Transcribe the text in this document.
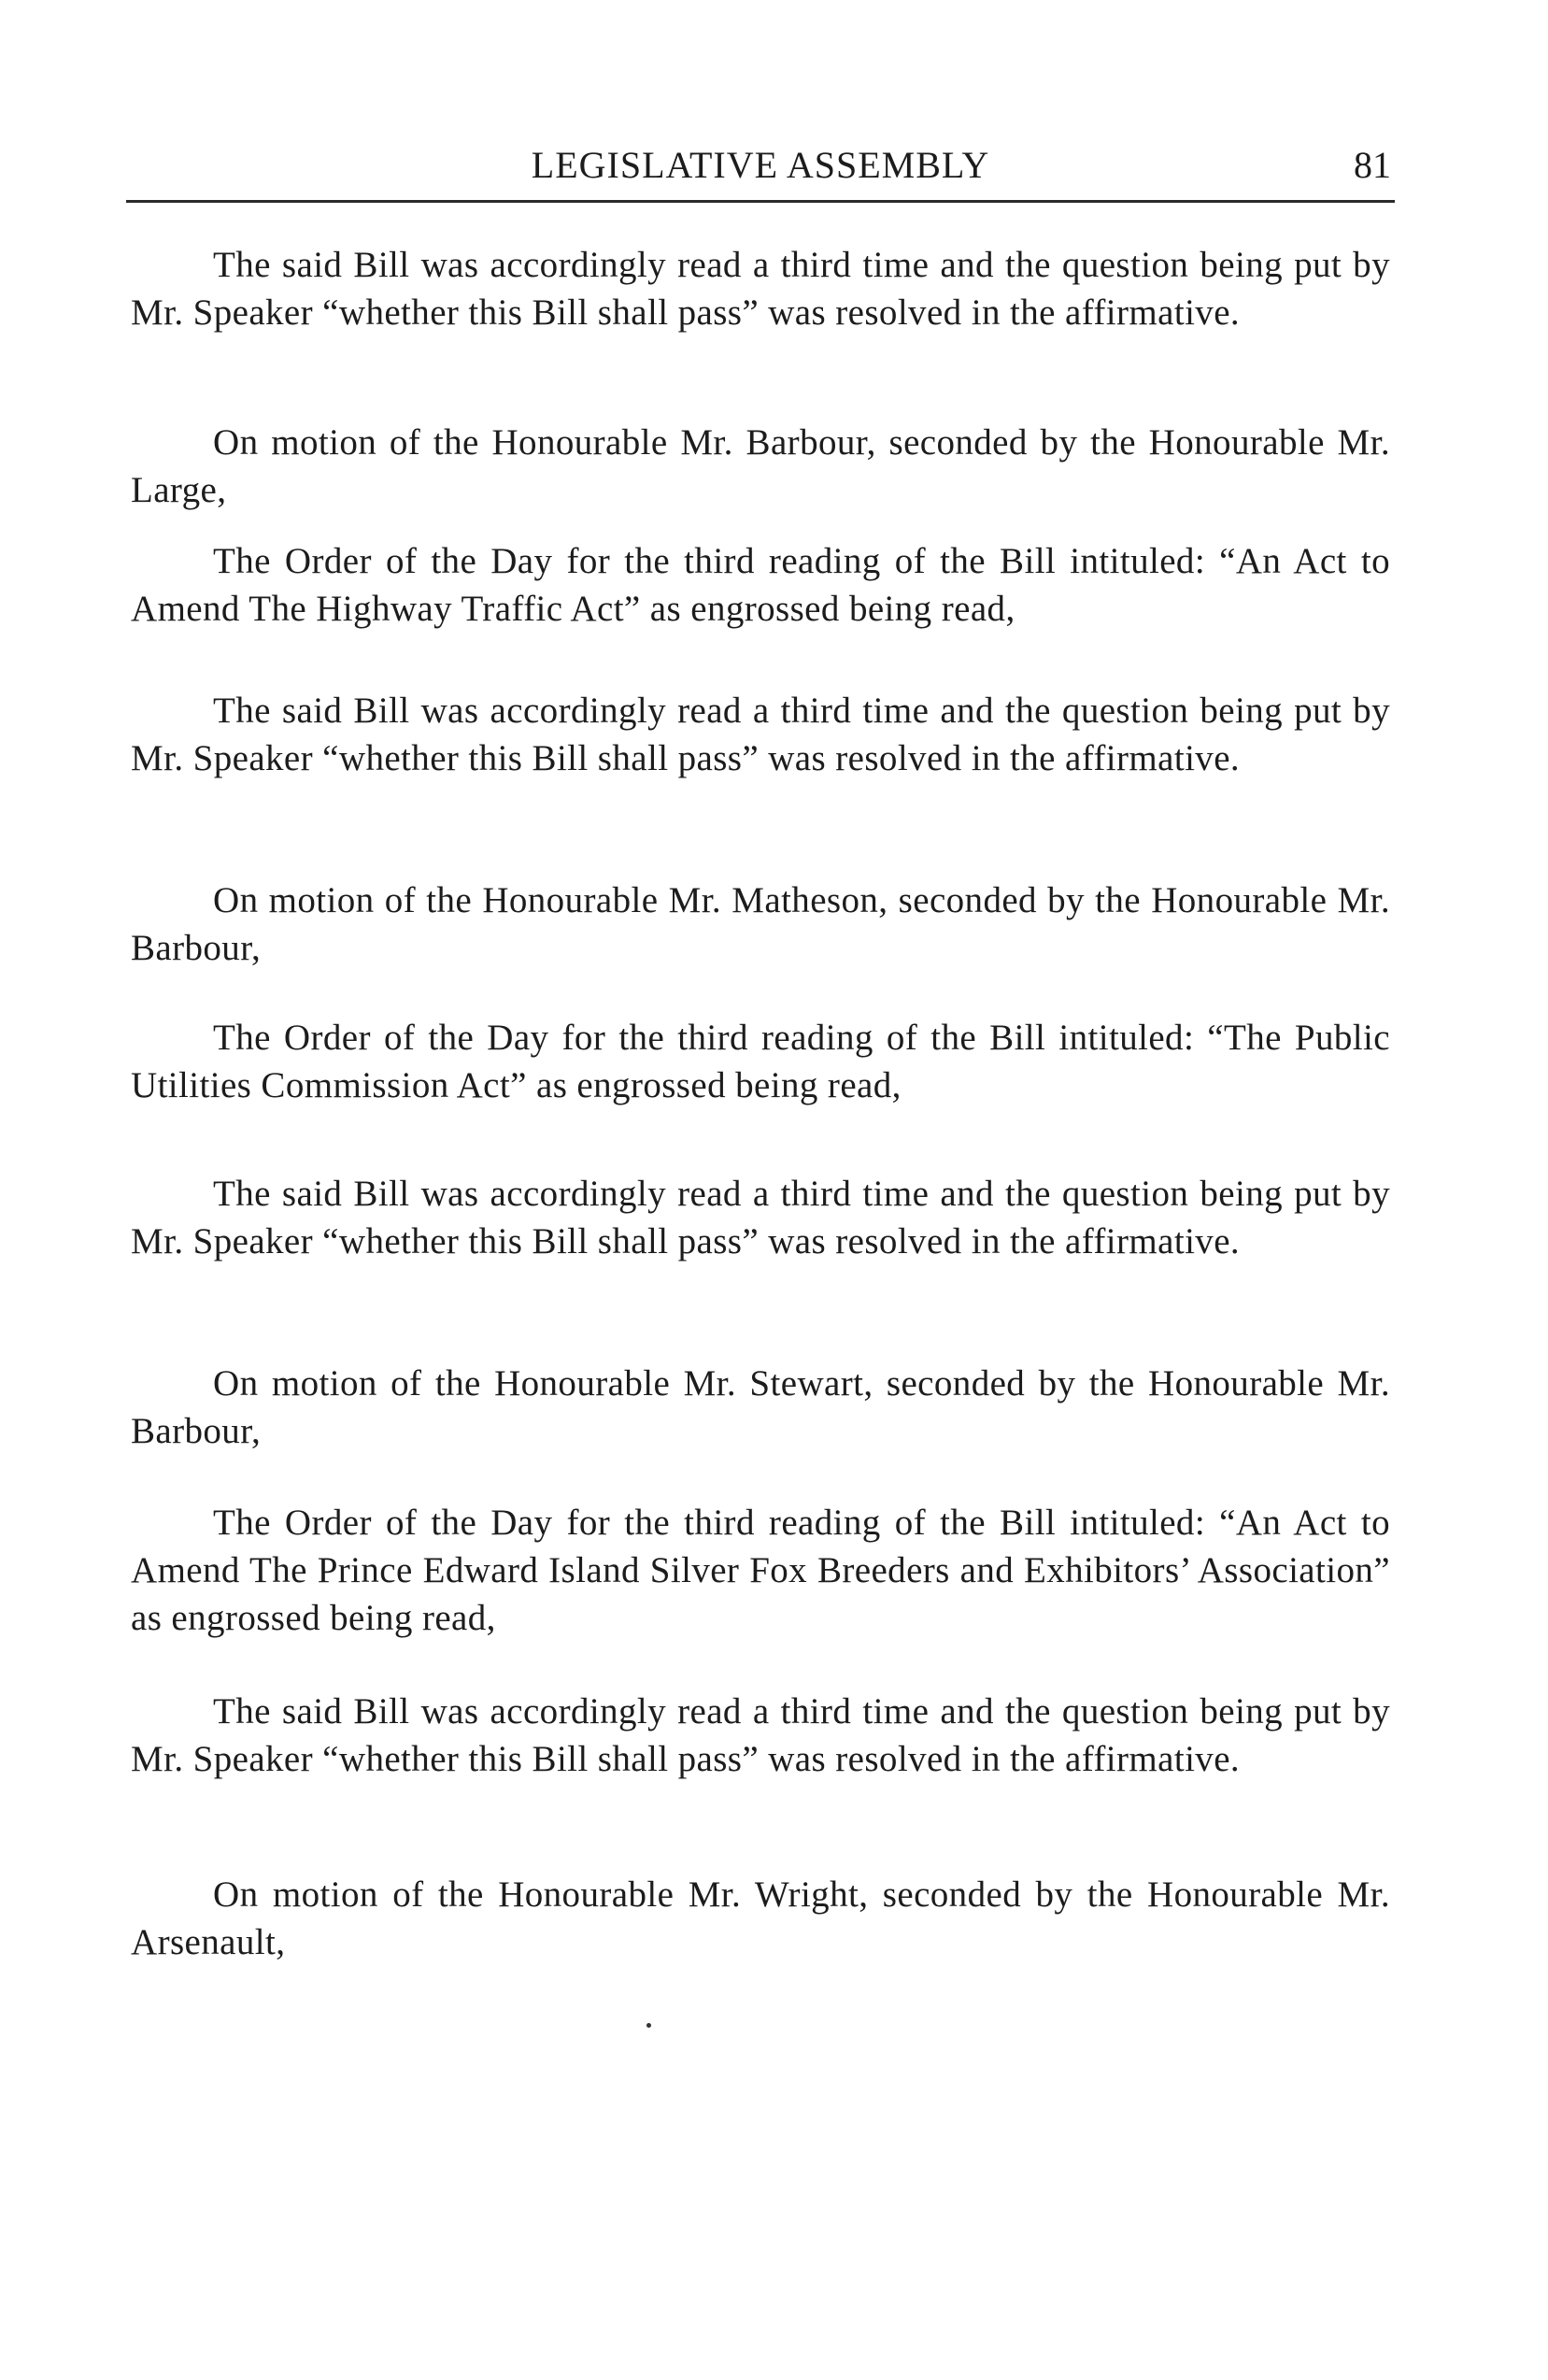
LEGISLATIVE ASSEMBLY	81

The said Bill was accordingly read a third time and the question being put by Mr. Speaker “whether this Bill shall pass” was resolved in the affirmative.

On motion of the Honourable Mr. Barbour, seconded by the Honourable Mr. Large,

The Order of the Day for the third reading of the Bill intituled: “An Act to Amend The Highway Traffic Act” as engrossed being read,

The said Bill was accordingly read a third time and the question being put by Mr. Speaker “whether this Bill shall pass” was resolved in the affirmative.

On motion of the Honourable Mr. Matheson, seconded by the Honourable Mr. Barbour,

The Order of the Day for the third reading of the Bill intituled: “The Public Utilities Commission Act” as engrossed being read,

The said Bill was accordingly read a third time and the question being put by Mr. Speaker “whether this Bill shall pass” was resolved in the affirmative.

On motion of the Honourable Mr. Stewart, seconded by the Honourable Mr. Barbour,

The Order of the Day for the third reading of the Bill intituled: “An Act to Amend The Prince Edward Island Silver Fox Breeders and Exhibitors’ Association” as engrossed being read,

The said Bill was accordingly read a third time and the question being put by Mr. Speaker “whether this Bill shall pass” was resolved in the affirmative.

On motion of the Honourable Mr. Wright, seconded by the Honourable Mr. Arsenault,
